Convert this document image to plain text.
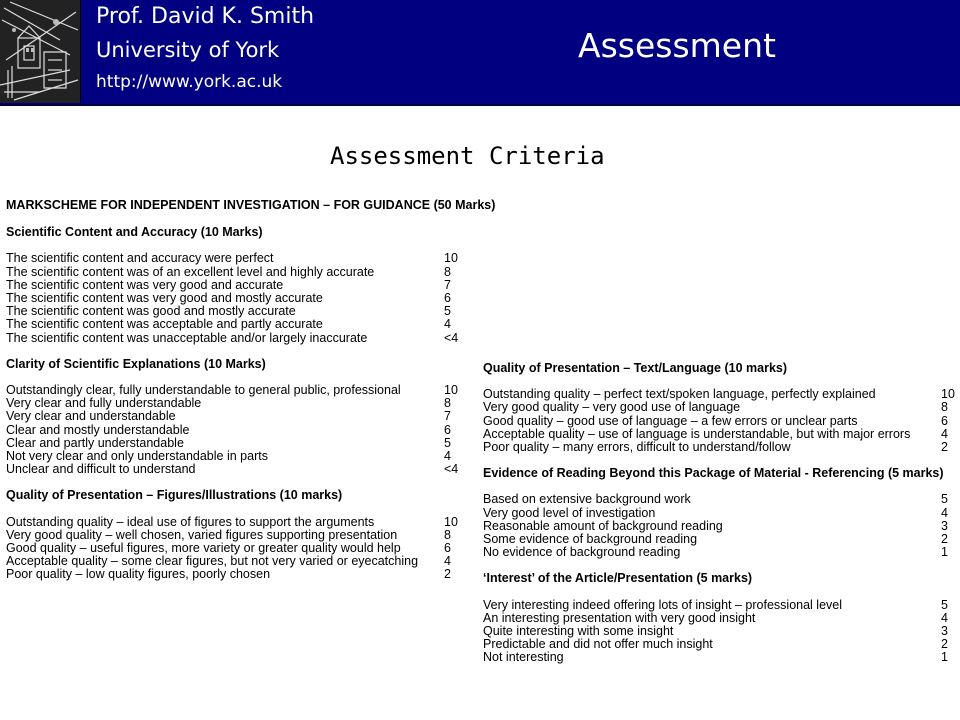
Prof. David K. Smith
University of York
http://www.york.ac.uk
Assessment
Assessment Criteria
MARKSCHEME FOR INDEPENDENT INVESTIGATION – FOR GUIDANCE (50 Marks)
Scientific Content and Accuracy (10 Marks)
The scientific content and accuracy were perfect	10
The scientific content was of an excellent level and highly accurate	8
The scientific content was very good and accurate	7
The scientific content was very good and mostly accurate	6
The scientific content was good and mostly accurate	5
The scientific content was acceptable and partly accurate	4
The scientific content was unacceptable and/or largely inaccurate	<4
Clarity of Scientific Explanations (10 Marks)
Outstandingly clear, fully understandable to general public, professional	10
Very clear and fully understandable	8
Very clear and understandable	7
Clear and mostly understandable	6
Clear and partly understandable	5
Not very clear and only understandable in parts	4
Unclear and difficult to understand	<4
Quality of Presentation – Figures/Illustrations (10 marks)
Outstanding quality – ideal use of figures to support the arguments	10
Very good quality – well chosen, varied figures supporting presentation	8
Good quality – useful figures, more variety or greater quality would help	6
Acceptable quality – some clear figures, but not very varied or eyecatching	4
Poor quality – low quality figures, poorly chosen	2
Quality of Presentation – Text/Language (10 marks)
Outstanding quality – perfect text/spoken language, perfectly explained	10
Very good quality – very good use of language	8
Good quality – good use of language – a few errors or unclear parts	6
Acceptable quality – use of language is understandable, but with major errors	4
Poor quality – many errors, difficult to understand/follow	2
Evidence of Reading Beyond this Package of Material - Referencing (5 marks)
Based on extensive background work	5
Very good level of investigation	4
Reasonable amount of background reading	3
Some evidence of background reading	2
No evidence of background reading	1
‘Interest’ of the Article/Presentation (5 marks)
Very interesting indeed offering lots of insight – professional level	5
An interesting presentation with very good insight	4
Quite interesting with some insight	3
Predictable and did not offer much insight	2
Not interesting	1
